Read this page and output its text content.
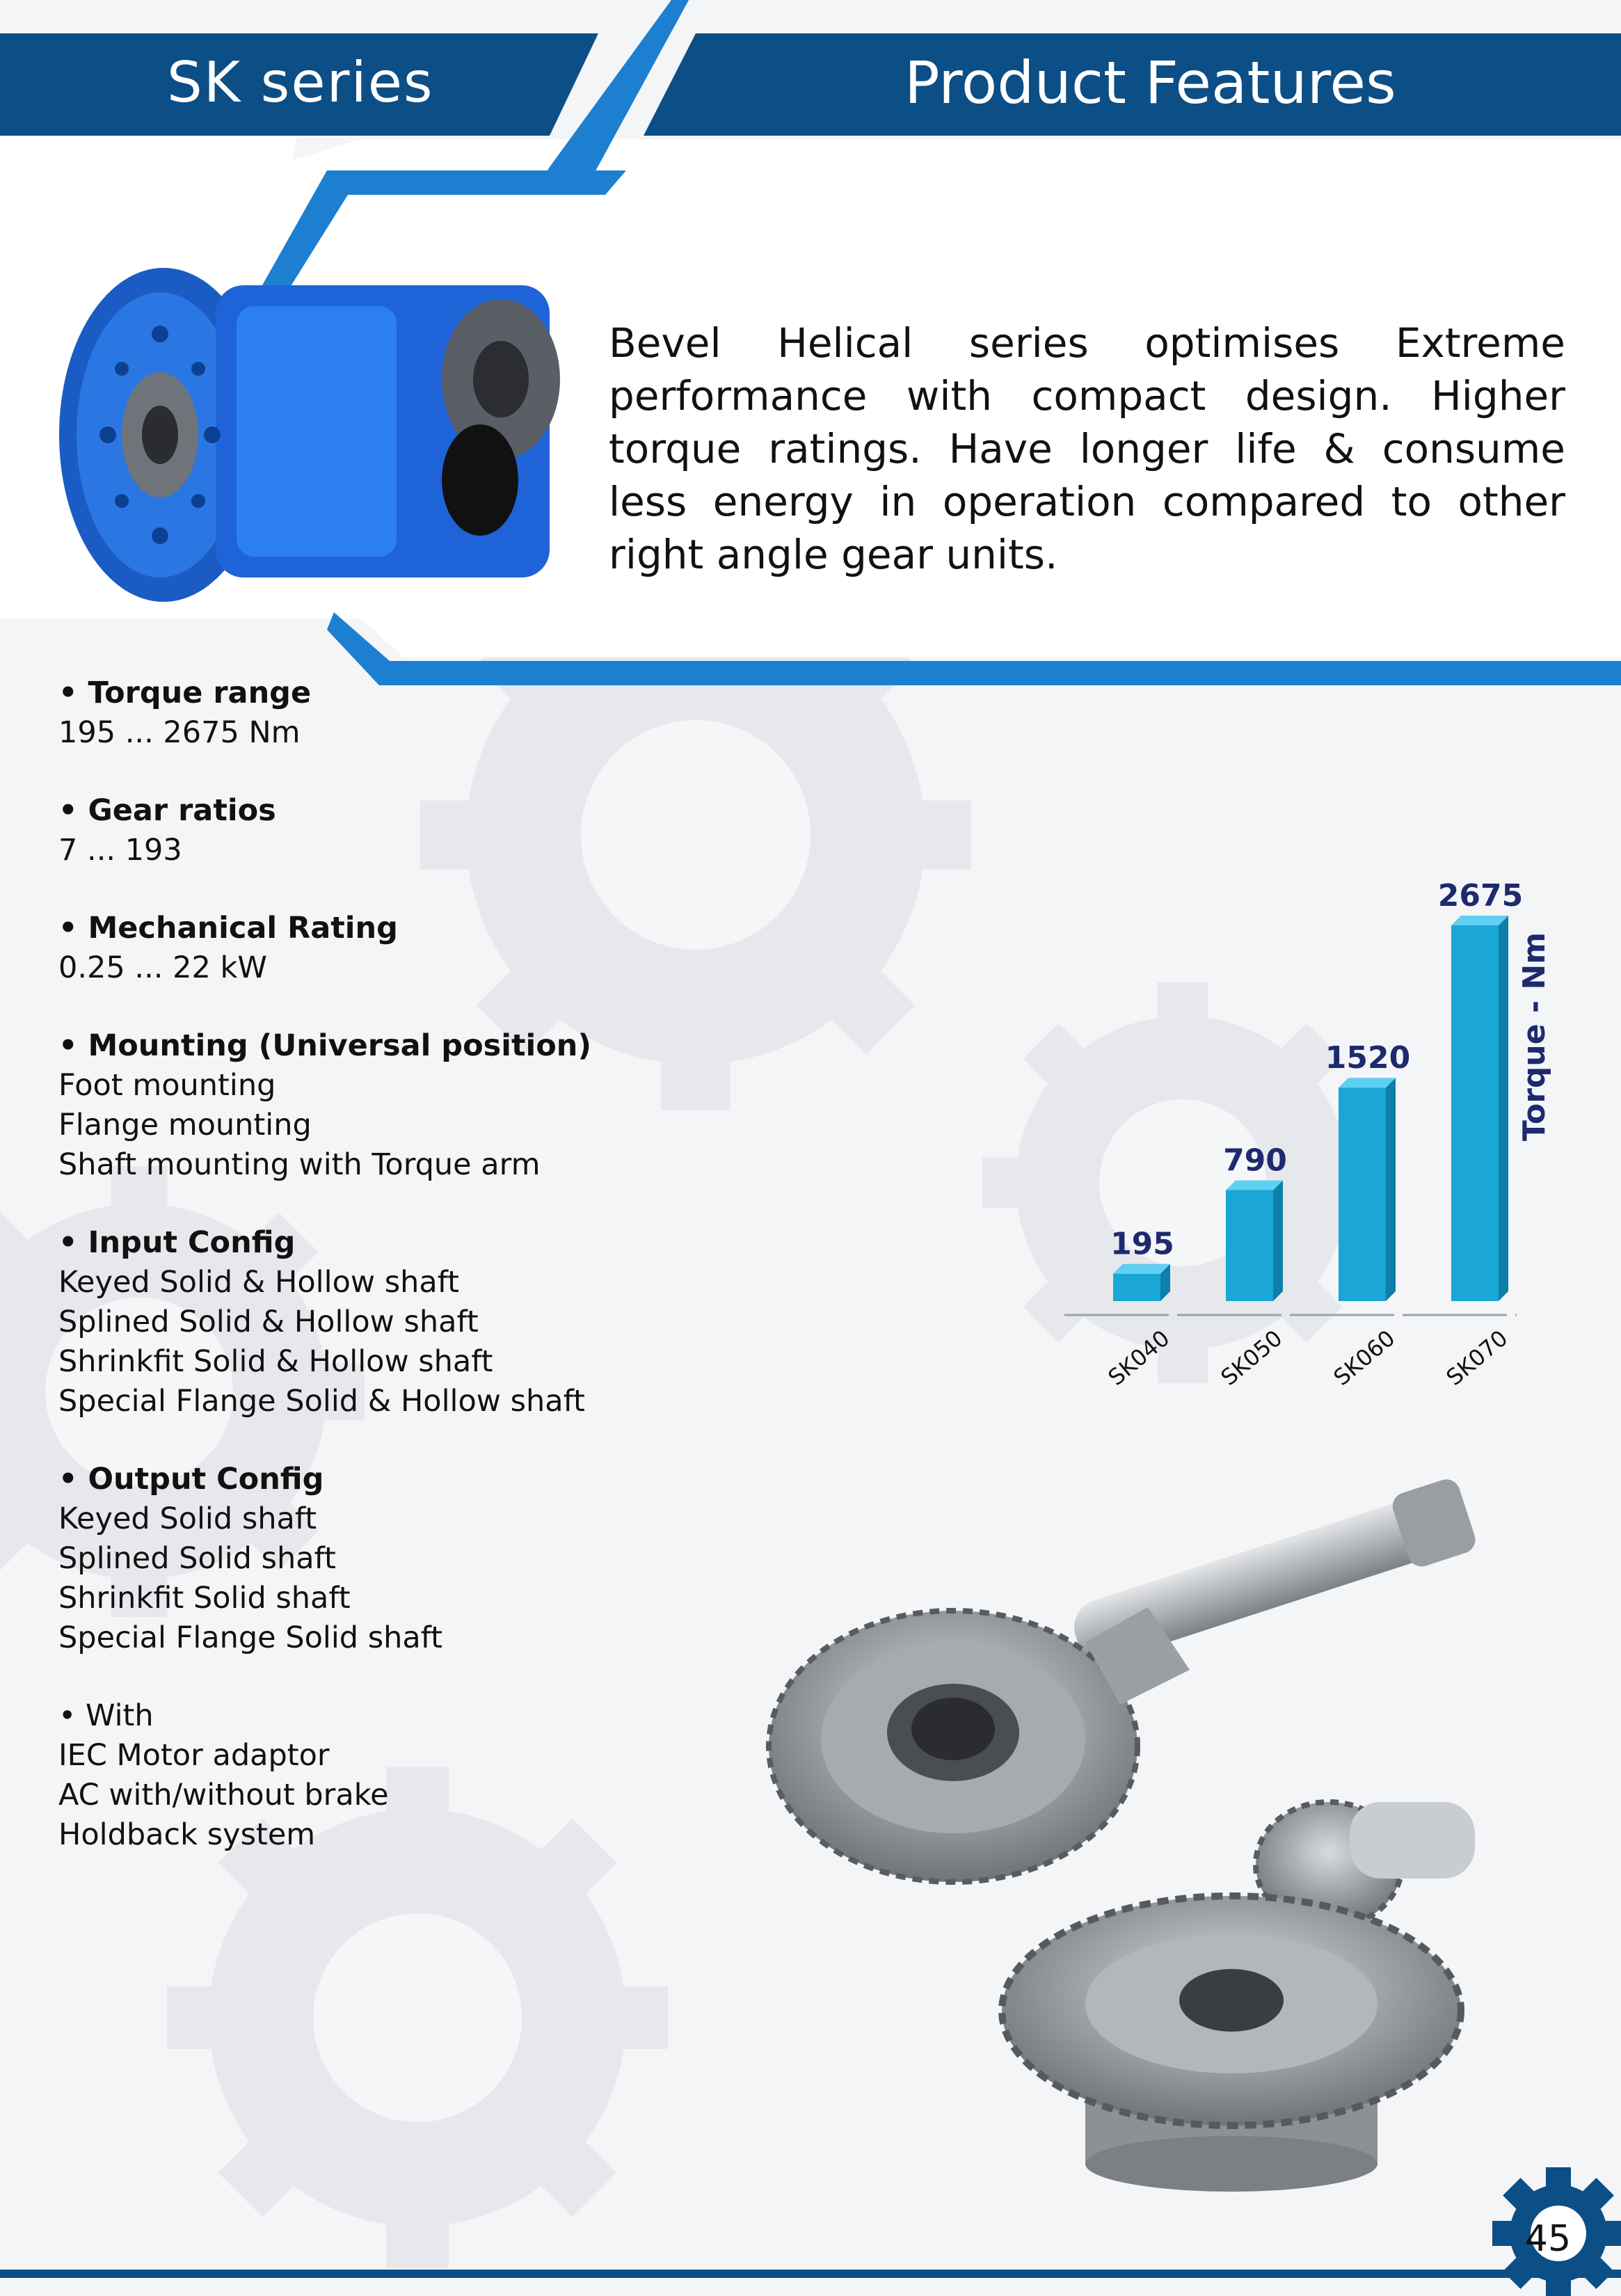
SK series	Product Features
Bevel Helical series optimises Extreme performance with compact design. Higher torque ratings. Have longer life & consume less energy in operation compared to other right angle gear units.
• Torque range
195 ... 2675 Nm
• Gear ratios
7 ... 193
• Mechanical Rating
0.25 ... 22 kW
• Mounting (Universal position)
Foot mounting
Flange mounting
Shaft mounting with Torque arm
• Input Config
Keyed Solid & Hollow shaft
Splined Solid & Hollow shaft
Shrinkfit Solid & Hollow shaft
Special Flange Solid & Hollow shaft
• Output Config
Keyed Solid shaft
Splined Solid shaft
Shrinkfit Solid shaft
Special Flange Solid shaft
• With
IEC Motor adaptor
AC with/without brake
Holdback system
195
SK040
790
SK050
1520
SK060
2675
SK070
Torque - Nm
45
